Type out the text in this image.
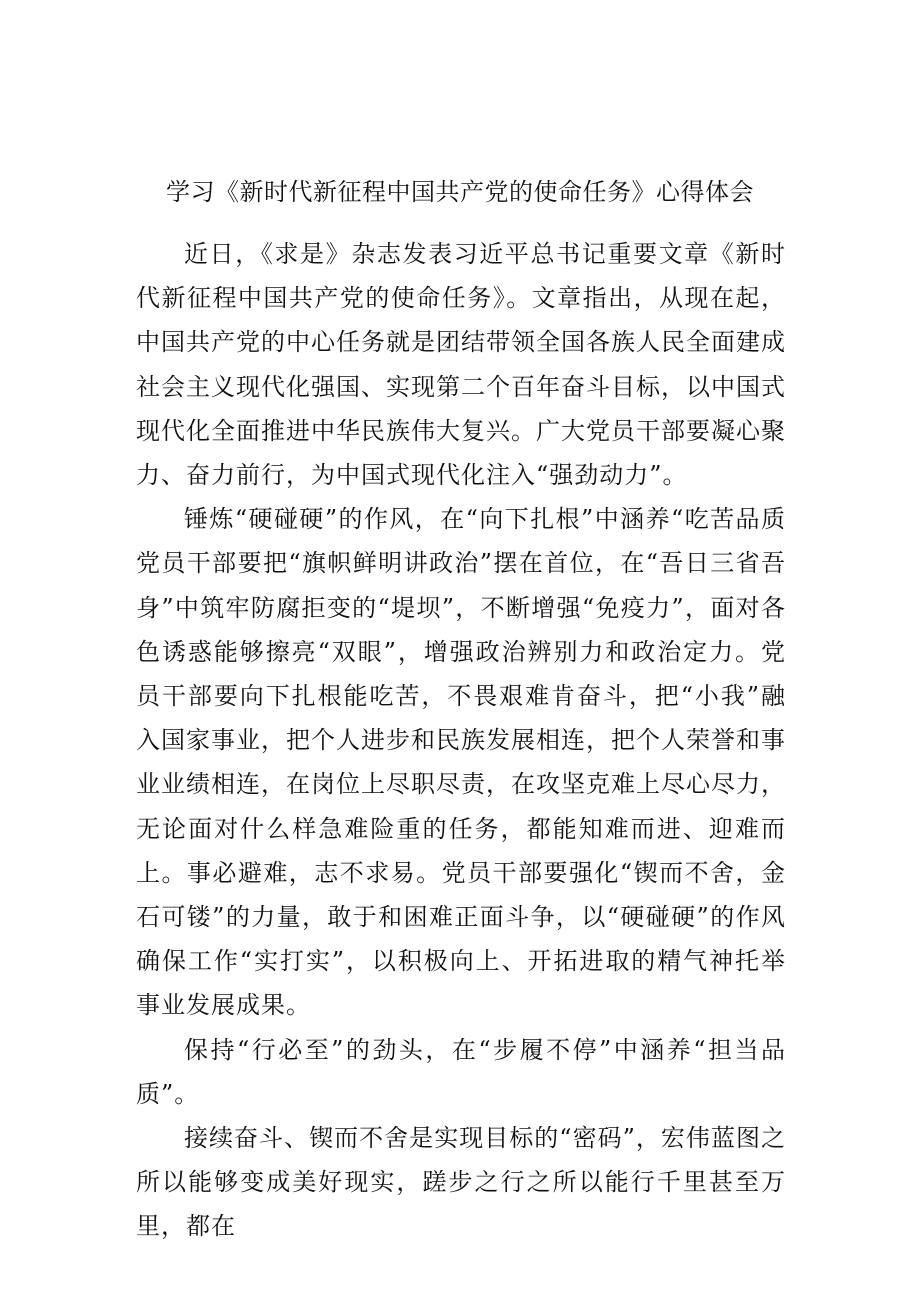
学习《新时代新征程中国共产党的使命任务》心得体会

近日，《求是》杂志发表习近平总书记重要文章《新时代新征程中国共产党的使命任务》。文章指出，从现在起，中国共产党的中心任务就是团结带领全国各族人民全面建成社会主义现代化强国、实现第二个百年奋斗目标，以中国式现代化全面推进中华民族伟大复兴。广大党员干部要凝心聚力、奋力前行，为中国式现代化注入“强劲动力”。

锤炼“硬碰硬”的作风，在“向下扎根”中涵养“吃苦品质党员干部要把“旗帜鲜明讲政治”摆在首位，在“吾日三省吾身”中筑牢防腐拒变的“堤坝”，不断增强“免疫力”，面对各色诱惑能够擦亮“双眼”，增强政治辨别力和政治定力。党员干部要向下扎根能吃苦，不畏艰难肯奋斗，把“小我”融入国家事业，把个人进步和民族发展相连，把个人荣誉和事业业绩相连，在岗位上尽职尽责，在攻坚克难上尽心尽力，无论面对什么样急难险重的任务，都能知难而进、迎难而上。事必避难，志不求易。党员干部要强化“锲而不舍，金石可镂”的力量，敢于和困难正面斗争，以“硬碰硬”的作风确保工作“实打实”，以积极向上、开拓进取的精气神托举事业发展成果。

保持“行必至”的劲头，在“步履不停”中涵养“担当品质”。

接续奋斗、锲而不舍是实现目标的“密码”，宏伟蓝图之所以能够变成美好现实，蹉步之行之所以能行千里甚至万里，都在
